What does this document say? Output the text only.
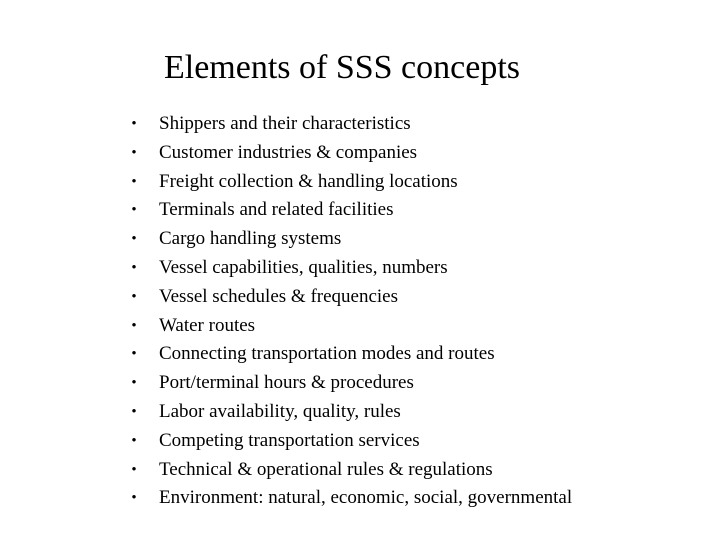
Elements of SSS concepts
• Shippers and their characteristics
• Customer industries & companies
• Freight collection & handling locations
• Terminals and related facilities
• Cargo handling systems
• Vessel capabilities, qualities, numbers
• Vessel schedules & frequencies
• Water routes
• Connecting transportation modes and routes
• Port/terminal hours & procedures
• Labor availability, quality, rules
• Competing transportation services
• Technical & operational rules & regulations
• Environment: natural, economic, social, governmental
